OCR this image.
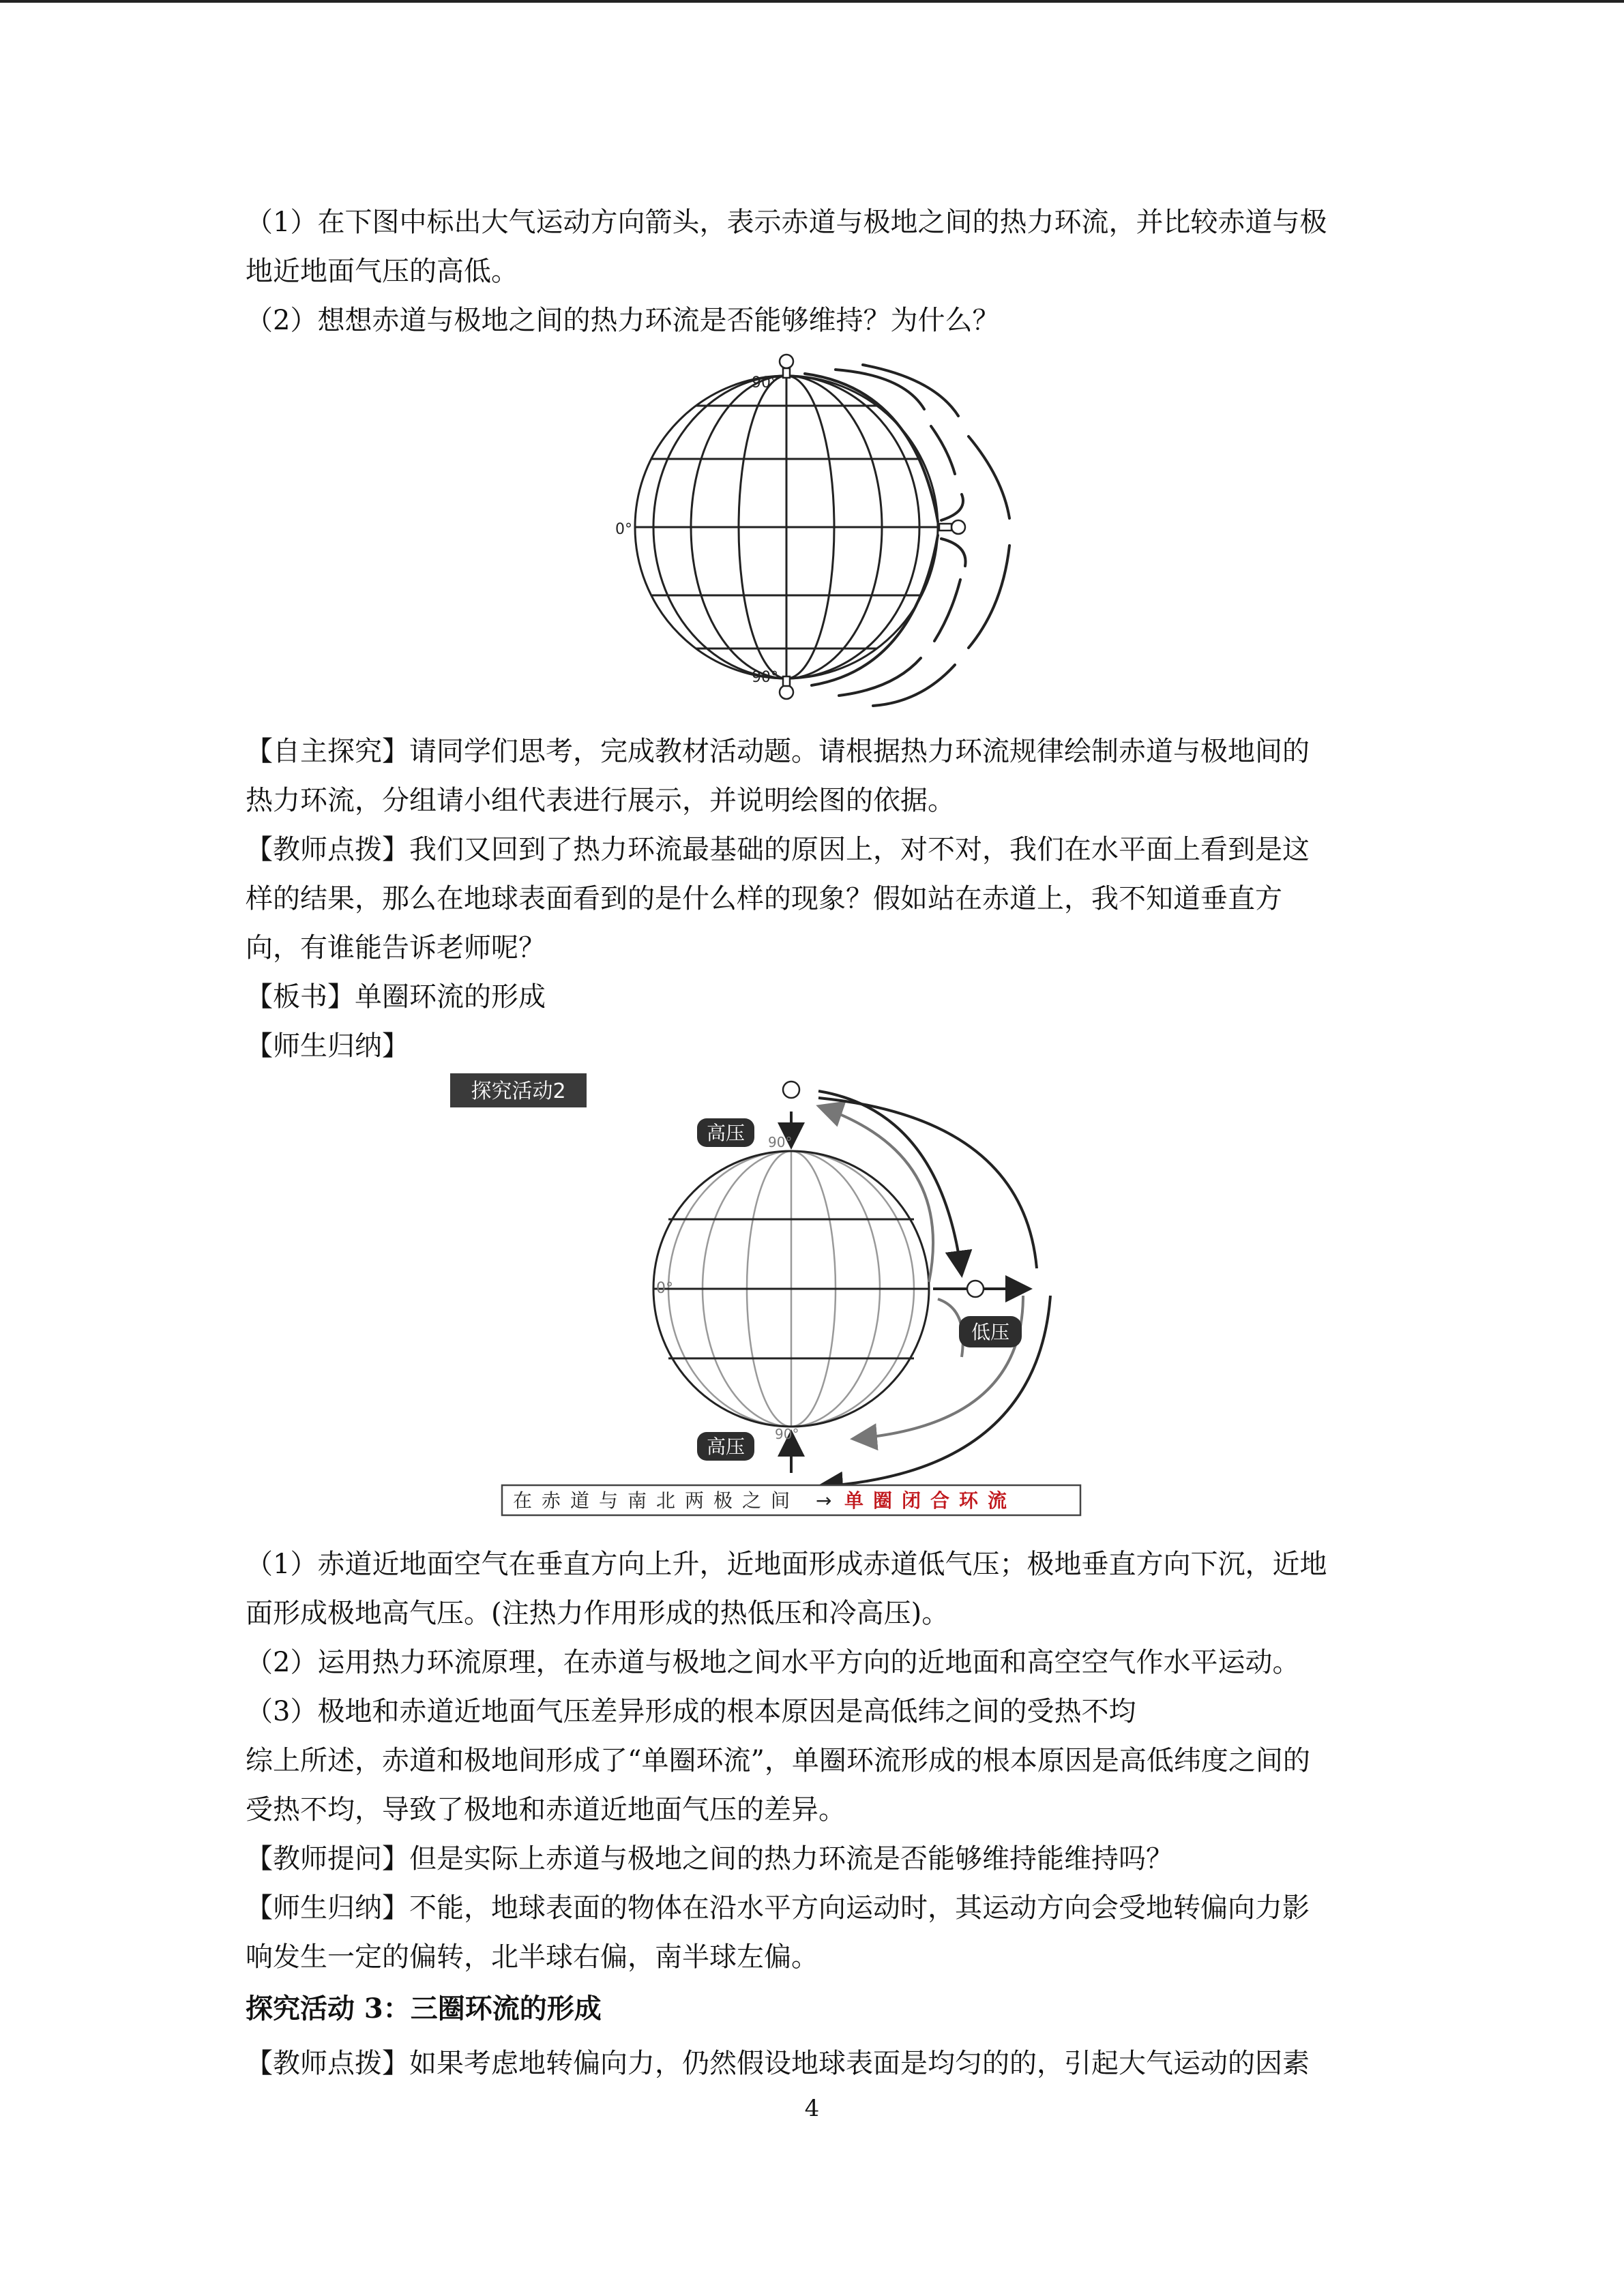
（1）在下图中标出大气运动方向箭头，表示赤道与极地之间的热力环流，并比较赤道与极
地近地面气压的高低。
（2）想想赤道与极地之间的热力环流是否能够维持？为什么？
90°
0°
90°
【自主探究】请同学们思考，完成教材活动题。请根据热力环流规律绘制赤道与极地间的
热力环流，分组请小组代表进行展示，并说明绘图的依据。
【教师点拨】我们又回到了热力环流最基础的原因上，对不对，我们在水平面上看到是这
样的结果，那么在地球表面看到的是什么样的现象？假如站在赤道上，我不知道垂直方
向，有谁能告诉老师呢？
【板书】单圈环流的形成
【师生归纳】
探究活动2
高压
低压
高压
90°
0°
90°
在赤道与南北两极之间 → 单圈闭合环流
（1）赤道近地面空气在垂直方向上升，近地面形成赤道低气压；极地垂直方向下沉，近地
面形成极地高气压。(注热力作用形成的热低压和冷高压)。
（2）运用热力环流原理，在赤道与极地之间水平方向的近地面和高空空气作水平运动。
（3）极地和赤道近地面气压差异形成的根本原因是高低纬之间的受热不均
综上所述，赤道和极地间形成了“单圈环流”，单圈环流形成的根本原因是高低纬度之间的
受热不均，导致了极地和赤道近地面气压的差异。
【教师提问】但是实际上赤道与极地之间的热力环流是否能够维持能维持吗？
【师生归纳】不能，地球表面的物体在沿水平方向运动时，其运动方向会受地转偏向力影
响发生一定的偏转，北半球右偏，南半球左偏。
探究活动 3：三圈环流的形成
【教师点拨】如果考虑地转偏向力，仍然假设地球表面是均匀的的，引起大气运动的因素
4
